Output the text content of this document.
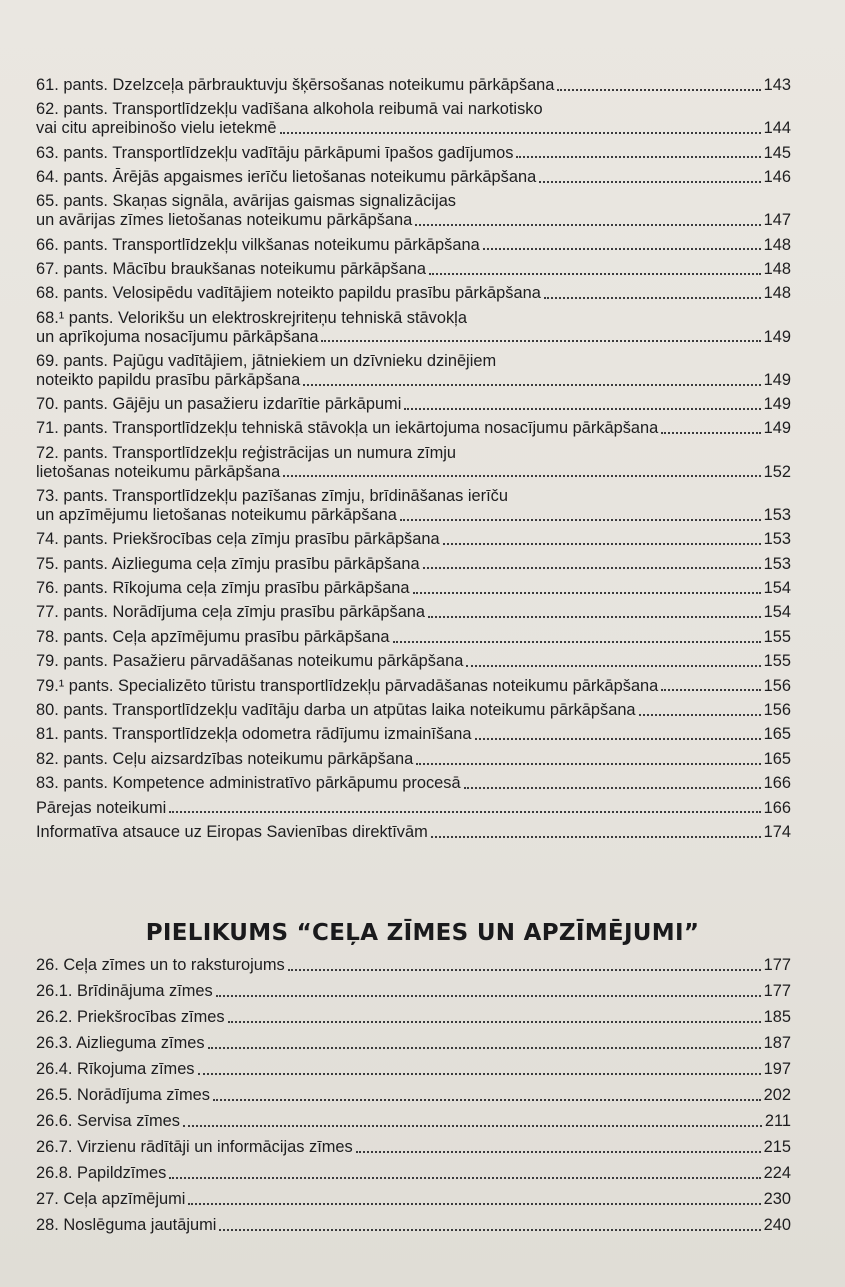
61. pants. Dzelzceļa pārbrauktuvju šķērsošanas noteikumu pārkāpšana	143
62. pants. Transportlīdzekļu vadīšana alkohola reibumā vai narkotisko
vai citu apreibinošo vielu ietekmē	144
63. pants. Transportlīdzekļu vadītāju pārkāpumi īpašos gadījumos	145
64. pants. Ārējās apgaismes ierīču lietošanas noteikumu pārkāpšana	146
65. pants. Skaņas signāla, avārijas gaismas signalizācijas
un avārijas zīmes lietošanas noteikumu pārkāpšana	147
66. pants. Transportlīdzekļu vilkšanas noteikumu pārkāpšana	148
67. pants. Mācību braukšanas noteikumu pārkāpšana	148
68. pants. Velosipēdu vadītājiem noteikto papildu prasību pārkāpšana	148
68.¹ pants. Velorikšu un elektroskrejriteņu tehniskā stāvokļa
un aprīkojuma nosacījumu pārkāpšana	149
69. pants. Pajūgu vadītājiem, jātniekiem un dzīvnieku dzinējiem
noteikto papildu prasību pārkāpšana	149
70. pants. Gājēju un pasažieru izdarītie pārkāpumi	149
71. pants. Transportlīdzekļu tehniskā stāvokļa un iekārtojuma nosacījumu pārkāpšana	149
72. pants. Transportlīdzekļu reģistrācijas un numura zīmju
lietošanas noteikumu pārkāpšana	152
73. pants. Transportlīdzekļu pazīšanas zīmju, brīdināšanas ierīču
un apzīmējumu lietošanas noteikumu pārkāpšana	153
74. pants. Priekšrocības ceļa zīmju prasību pārkāpšana	153
75. pants. Aizlieguma ceļa zīmju prasību pārkāpšana	153
76. pants. Rīkojuma ceļa zīmju prasību pārkāpšana	154
77. pants. Norādījuma ceļa zīmju prasību pārkāpšana	154
78. pants. Ceļa apzīmējumu prasību pārkāpšana	155
79. pants. Pasažieru pārvadāšanas noteikumu pārkāpšana	155
79.¹ pants. Specializēto tūristu transportlīdzekļu pārvadāšanas noteikumu pārkāpšana	156
80. pants. Transportlīdzekļu vadītāju darba un atpūtas laika noteikumu pārkāpšana	156
81. pants. Transportlīdzekļa odometra rādījumu izmainīšana	165
82. pants. Ceļu aizsardzības noteikumu pārkāpšana	165
83. pants. Kompetence administratīvo pārkāpumu procesā	166
Pārejas noteikumi	166
Informatīva atsauce uz Eiropas Savienības direktīvām	174
PIELIKUMS “CEĻA ZĪMES UN APZĪMĒJUMI”
26. Ceļa zīmes un to raksturojums	177
26.1. Brīdinājuma zīmes	177
26.2. Priekšrocības zīmes	185
26.3. Aizlieguma zīmes	187
26.4. Rīkojuma zīmes	197
26.5. Norādījuma zīmes	202
26.6. Servisa zīmes	211
26.7. Virzienu rādītāji un informācijas zīmes	215
26.8. Papildzīmes	224
27. Ceļa apzīmējumi	230
28. Noslēguma jautājumi	240
